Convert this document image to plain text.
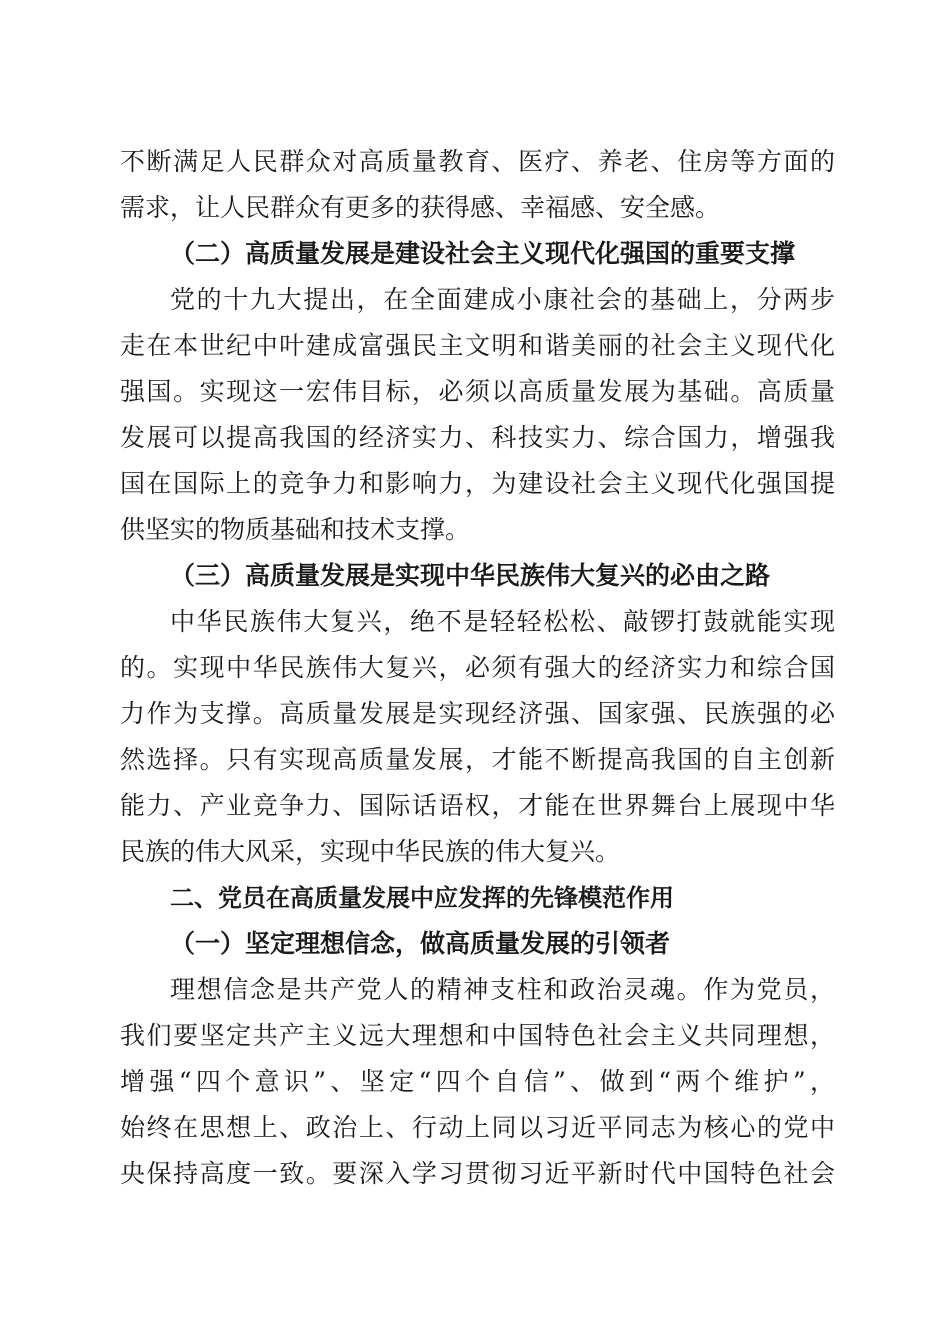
不断满足人民群众对高质量教育、医疗、养老、住房等方面的
需求，让人民群众有更多的获得感、幸福感、安全感。
（二）高质量发展是建设社会主义现代化强国的重要支撑
党的十九大提出，在全面建成小康社会的基础上，分两步
走在本世纪中叶建成富强民主文明和谐美丽的社会主义现代化
强国。实现这一宏伟目标，必须以高质量发展为基础。高质量
发展可以提高我国的经济实力、科技实力、综合国力，增强我
国在国际上的竞争力和影响力，为建设社会主义现代化强国提
供坚实的物质基础和技术支撑。
（三）高质量发展是实现中华民族伟大复兴的必由之路
中华民族伟大复兴，绝不是轻轻松松、敲锣打鼓就能实现
的。实现中华民族伟大复兴，必须有强大的经济实力和综合国
力作为支撑。高质量发展是实现经济强、国家强、民族强的必
然选择。只有实现高质量发展，才能不断提高我国的自主创新
能力、产业竞争力、国际话语权，才能在世界舞台上展现中华
民族的伟大风采，实现中华民族的伟大复兴。
二、党员在高质量发展中应发挥的先锋模范作用
（一）坚定理想信念，做高质量发展的引领者
理想信念是共产党人的精神支柱和政治灵魂。作为党员，
我们要坚定共产主义远大理想和中国特色社会主义共同理想，
增强“四个意识”、坚定“四个自信”、做到“两个维护”，
始终在思想上、政治上、行动上同以习近平同志为核心的党中
央保持高度一致。要深入学习贯彻习近平新时代中国特色社会
